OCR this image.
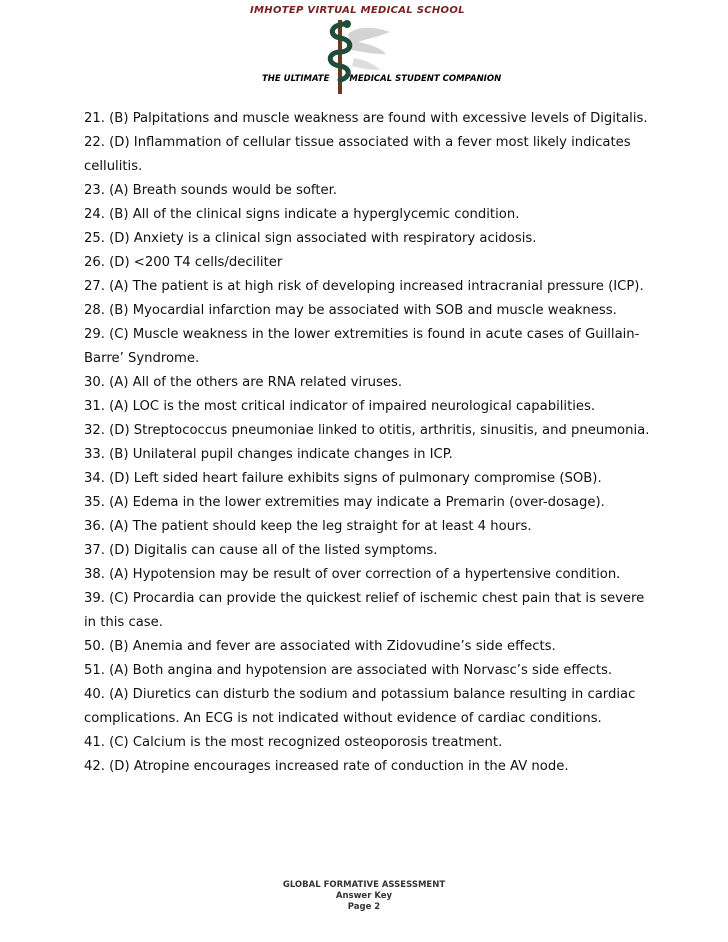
IMHOTEP VIRTUAL MEDICAL SCHOOL
THE ULTIMATE MEDICAL STUDENT COMPANION

21. (B) Palpitations and muscle weakness are found with excessive levels of Digitalis.

22. (D) Inflammation of cellular tissue associated with a fever most likely indicates cellulitis.

23. (A) Breath sounds would be softer.

24. (B) All of the clinical signs indicate a hyperglycemic condition.

25. (D) Anxiety is a clinical sign associated with respiratory acidosis.

26. (D) <200 T4 cells/deciliter

27. (A) The patient is at high risk of developing increased intracranial pressure (ICP).

28. (B) Myocardial infarction may be associated with SOB and muscle weakness.

29. (C) Muscle weakness in the lower extremities is found in acute cases of Guillain-Barre’ Syndrome.

30. (A) All of the others are RNA related viruses.

31. (A) LOC is the most critical indicator of impaired neurological capabilities.

32. (D) Streptococcus pneumoniae linked to otitis, arthritis, sinusitis, and pneumonia.

33. (B) Unilateral pupil changes indicate changes in ICP.

34. (D) Left sided heart failure exhibits signs of pulmonary compromise (SOB).

35. (A) Edema in the lower extremities may indicate a Premarin (over-dosage).

36. (A) The patient should keep the leg straight for at least 4 hours.

37. (D) Digitalis can cause all of the listed symptoms.

38. (A) Hypotension may be result of over correction of a hypertensive condition.

39. (C) Procardia can provide the quickest relief of ischemic chest pain that is severe in this case.

50. (B) Anemia and fever are associated with Zidovudine’s side effects.

51. (A) Both angina and hypotension are associated with Norvasc’s side effects.

40. (A) Diuretics can disturb the sodium and potassium balance resulting in cardiac complications. An ECG is not indicated without evidence of cardiac conditions.

41. (C) Calcium is the most recognized osteoporosis treatment.

42. (D) Atropine encourages increased rate of conduction in the AV node.

GLOBAL FORMATIVE ASSESSMENT
Answer Key
Page 2
